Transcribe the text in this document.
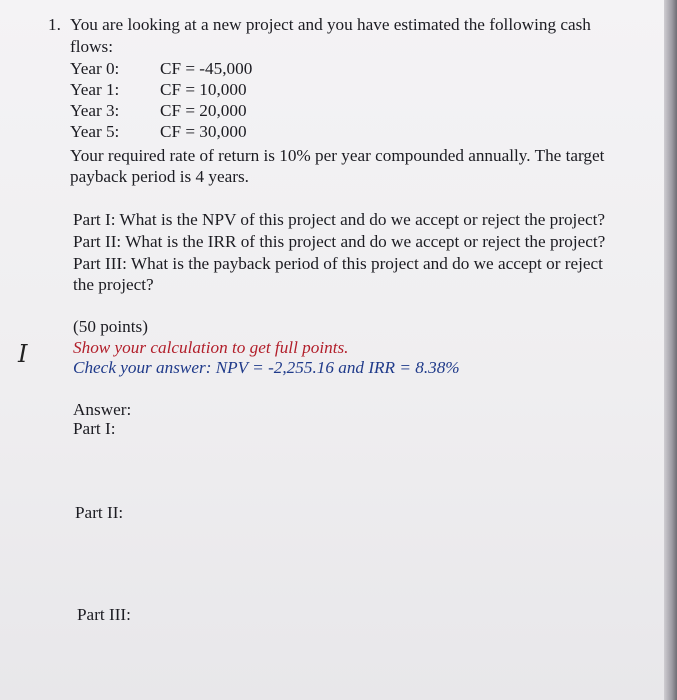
1. You are looking at a new project and you have estimated the following cash
flows:
Year 0: CF = -45,000
Year 1: CF = 10,000
Year 3: CF = 20,000
Year 5: CF = 30,000
Your required rate of return is 10% per year compounded annually. The target
payback period is 4 years.
Part I: What is the NPV of this project and do we accept or reject the project?
Part II: What is the IRR of this project and do we accept or reject the project?
Part III: What is the payback period of this project and do we accept or reject
the project?
(50 points)
Show your calculation to get full points.
Check your answer: NPV = -2,255.16 and IRR = 8.38%
Answer:
Part I:
Part II:
Part III:
I
